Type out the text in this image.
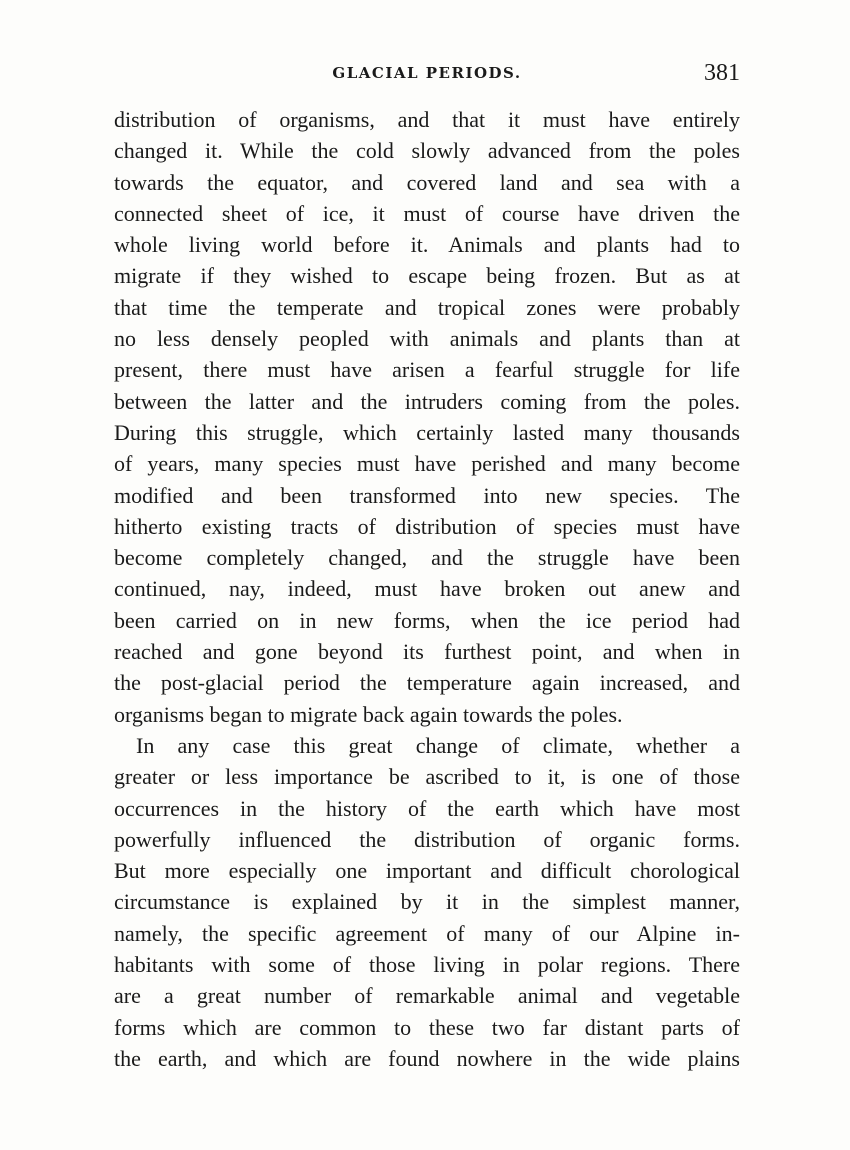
GLACIAL PERIODS.	381
distribution of organisms, and that it must have entirely
changed it. While the cold slowly advanced from the poles
towards the equator, and covered land and sea with a
connected sheet of ice, it must of course have driven the
whole living world before it. Animals and plants had to
migrate if they wished to escape being frozen. But as at
that time the temperate and tropical zones were probably
no less densely peopled with animals and plants than at
present, there must have arisen a fearful struggle for life
between the latter and the intruders coming from the poles.
During this struggle, which certainly lasted many thousands
of years, many species must have perished and many become
modified and been transformed into new species. The
hitherto existing tracts of distribution of species must have
become completely changed, and the struggle have been
continued, nay, indeed, must have broken out anew and
been carried on in new forms, when the ice period had
reached and gone beyond its furthest point, and when in
the post-glacial period the temperature again increased, and
organisms began to migrate back again towards the poles.
In any case this great change of climate, whether a
greater or less importance be ascribed to it, is one of those
occurrences in the history of the earth which have most
powerfully influenced the distribution of organic forms.
But more especially one important and difficult chorological
circumstance is explained by it in the simplest manner,
namely, the specific agreement of many of our Alpine in-
habitants with some of those living in polar regions. There
are a great number of remarkable animal and vegetable
forms which are common to these two far distant parts of
the earth, and which are found nowhere in the wide plains
